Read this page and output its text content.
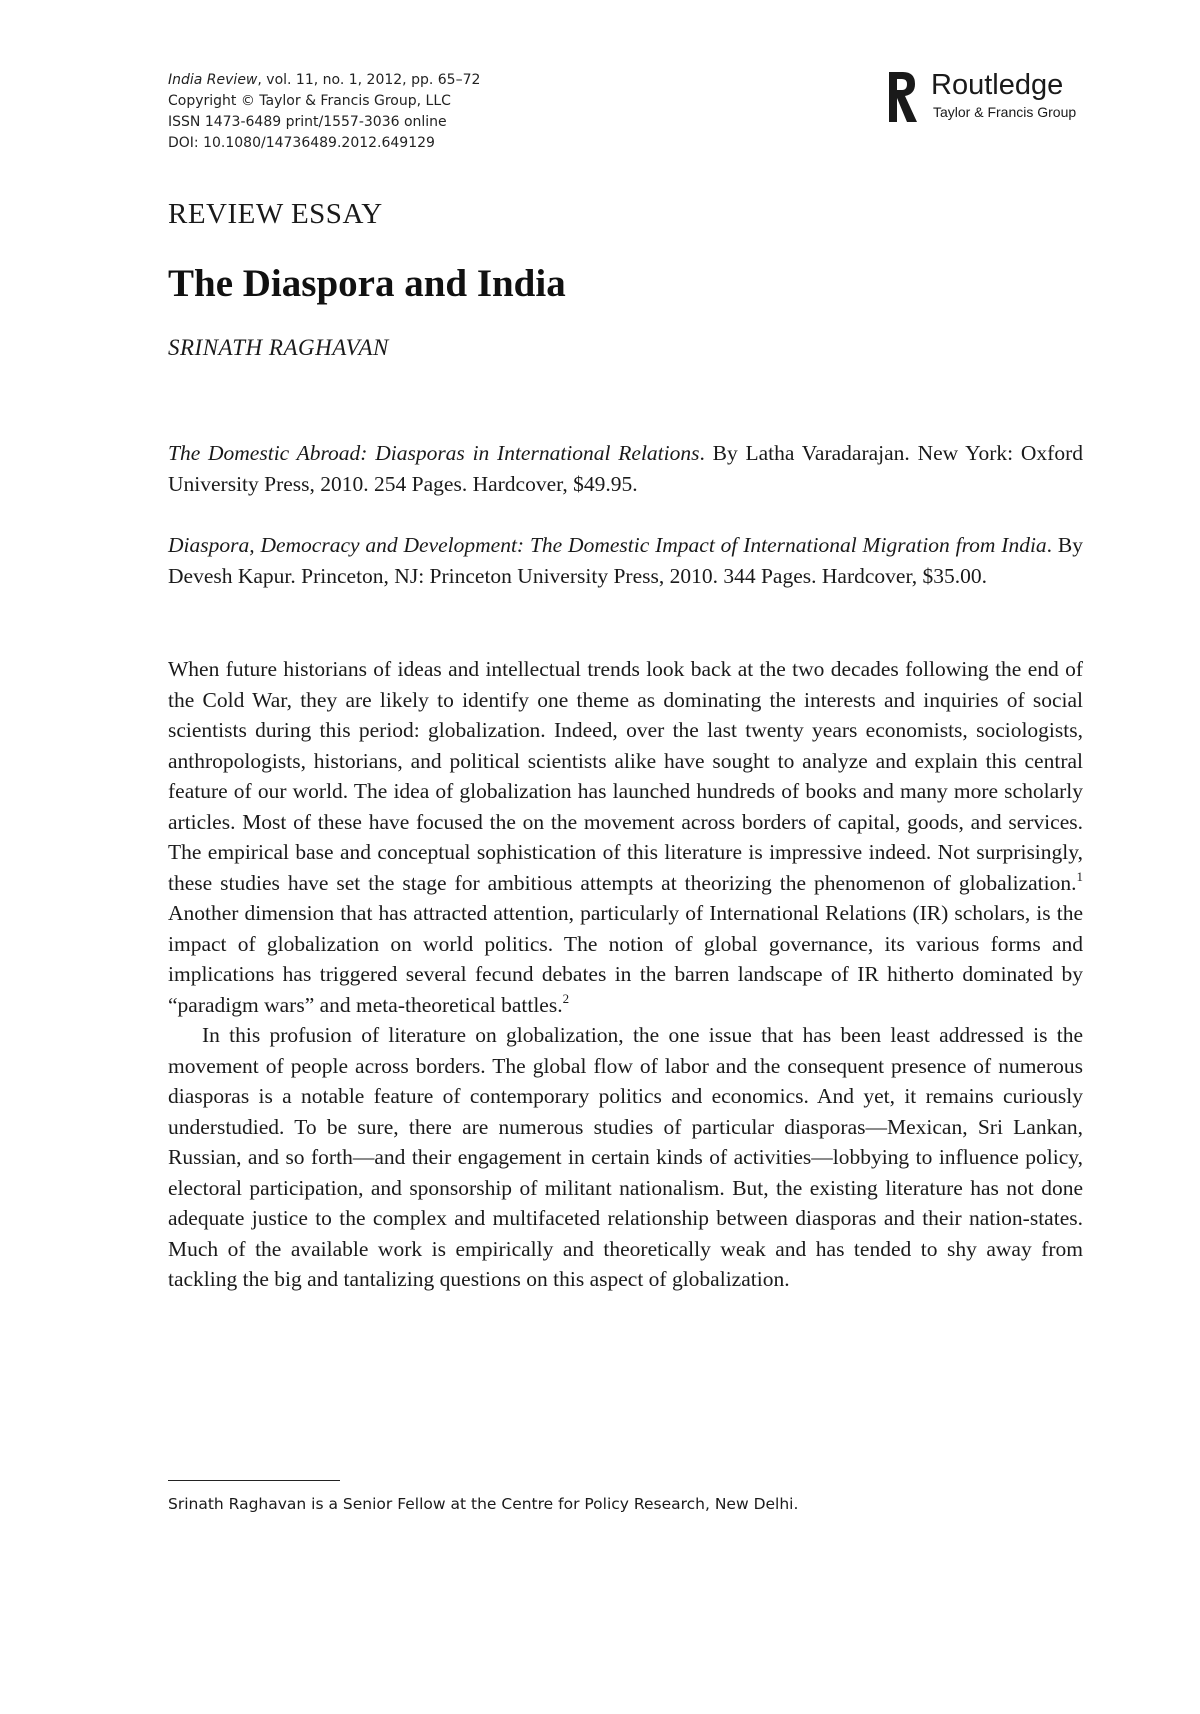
India Review, vol. 11, no. 1, 2012, pp. 65–72
Copyright © Taylor & Francis Group, LLC
ISSN 1473-6489 print/1557-3036 online
DOI: 10.1080/14736489.2012.649129
Routledge
Taylor & Francis Group
REVIEW ESSAY
The Diaspora and India
SRINATH RAGHAVAN

The Domestic Abroad: Diasporas in International Relations. By Latha Varadarajan. New York: Oxford University Press, 2010. 254 Pages. Hardcover, $49.95.

Diaspora, Democracy and Development: The Domestic Impact of International Migration from India. By Devesh Kapur. Princeton, NJ: Princeton University Press, 2010. 344 Pages. Hardcover, $35.00.

When future historians of ideas and intellectual trends look back at the two decades following the end of the Cold War, they are likely to identify one theme as dominating the interests and inquiries of social scientists during this period: globalization. Indeed, over the last twenty years economists, sociologists, anthropologists, historians, and political scientists alike have sought to analyze and explain this central feature of our world. The idea of globalization has launched hundreds of books and many more scholarly articles. Most of these have focused the on the movement across borders of capital, goods, and services. The empirical base and conceptual sophistication of this literature is impressive indeed. Not surprisingly, these studies have set the stage for ambitious attempts at theorizing the phenomenon of globalization.$^1$ Another dimension that has attracted attention, particularly of International Relations (IR) scholars, is the impact of globalization on world politics. The notion of global governance, its various forms and implications has triggered several fecund debates in the barren landscape of IR hitherto dominated by “paradigm wars” and meta-theoretical battles.$^2$

In this profusion of literature on globalization, the one issue that has been least addressed is the movement of people across borders. The global flow of labor and the consequent presence of numerous diasporas is a notable feature of contemporary politics and economics. And yet, it remains curiously understudied. To be sure, there are numerous studies of particular diasporas—Mexican, Sri Lankan, Russian, and so forth—and their engagement in certain kinds of activities—lobbying to influence policy, electoral participation, and sponsorship of militant nationalism. But, the existing literature has not done adequate justice to the complex and multifaceted relationship between diasporas and their nation-states. Much of the available work is empirically and theoretically weak and has tended to shy away from tackling the big and tantalizing questions on this aspect of globalization.

Srinath Raghavan is a Senior Fellow at the Centre for Policy Research, New Delhi.
